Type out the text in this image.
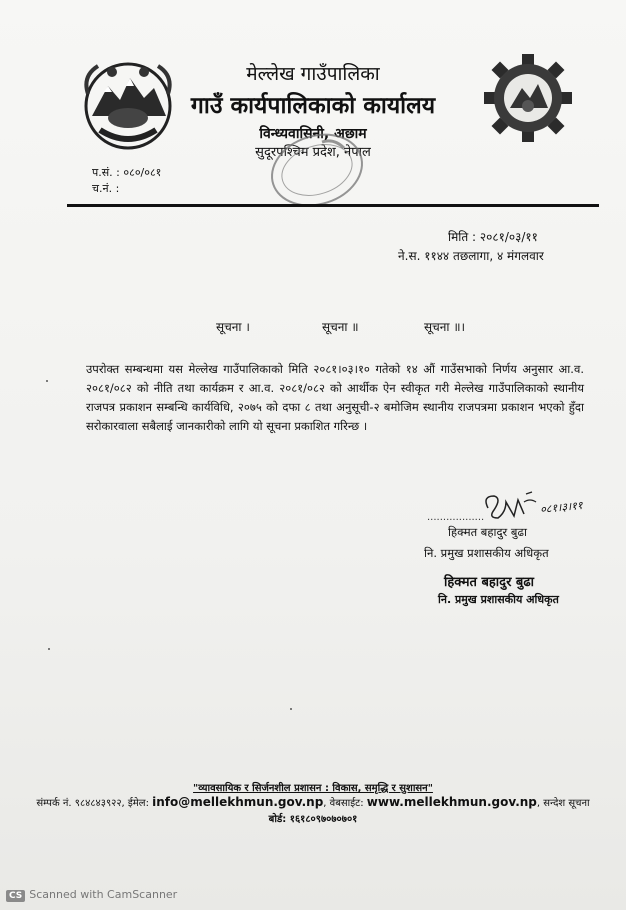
मेल्लेख गाउँपालिका
गाउँ कार्यपालिकाको कार्यालय
विन्ध्यवासिनी, अछाम
सुदूरपश्चिम प्रदेश, नेपाल
प.सं. : ०८०/०८१
च.नं. :
मिति : २०८१/०३/११
ने.स. ११४४ तछलागा, ४ मंगलवार
सूचना ।	सूचना ॥	सूचना ॥।
उपरोक्त सम्बन्धमा यस मेल्लेख गाउँपालिकाको मिति २०८१।०३।१० गतेको १४ औं गाउँसभाको निर्णय अनुसार आ.व. २०८१/०८२ को नीति तथा कार्यक्रम र आ.व. २०८१/०८२ को आर्थीक ऐन स्वीकृत गरी मेल्लेख गाउँपालिकाको स्थानीय राजपत्र प्रकाशन सम्बन्धि कार्यविधि, २०७५ को दफा ८ तथा अनुसूची-२ बमोजिम स्थानीय राजपत्रमा प्रकाशन भएको हुँदा सरोकारवाला सबैलाई जानकारीको लागि यो सूचना प्रकाशित गरिन्छ ।
०८१।३।११
..................
हिक्मत बहादुर बुढा
नि. प्रमुख प्रशासकीय अधिकृत
हिक्मत बहादुर बुढा
नि. प्रमुख प्रशासकीय अधिकृत
"व्यावसायिक र सिर्जनशील प्रशासन : विकास, समृद्धि र सुशासन"
संम्पर्क नं. ९८४८४३९२२, ईमेल: info@mellekhmun.gov.np, वेबसाईट: www.mellekhmun.gov.np, सन्देश सूचना
बोर्ड: १६१८०९७०७०७०१
CS Scanned with CamScanner
